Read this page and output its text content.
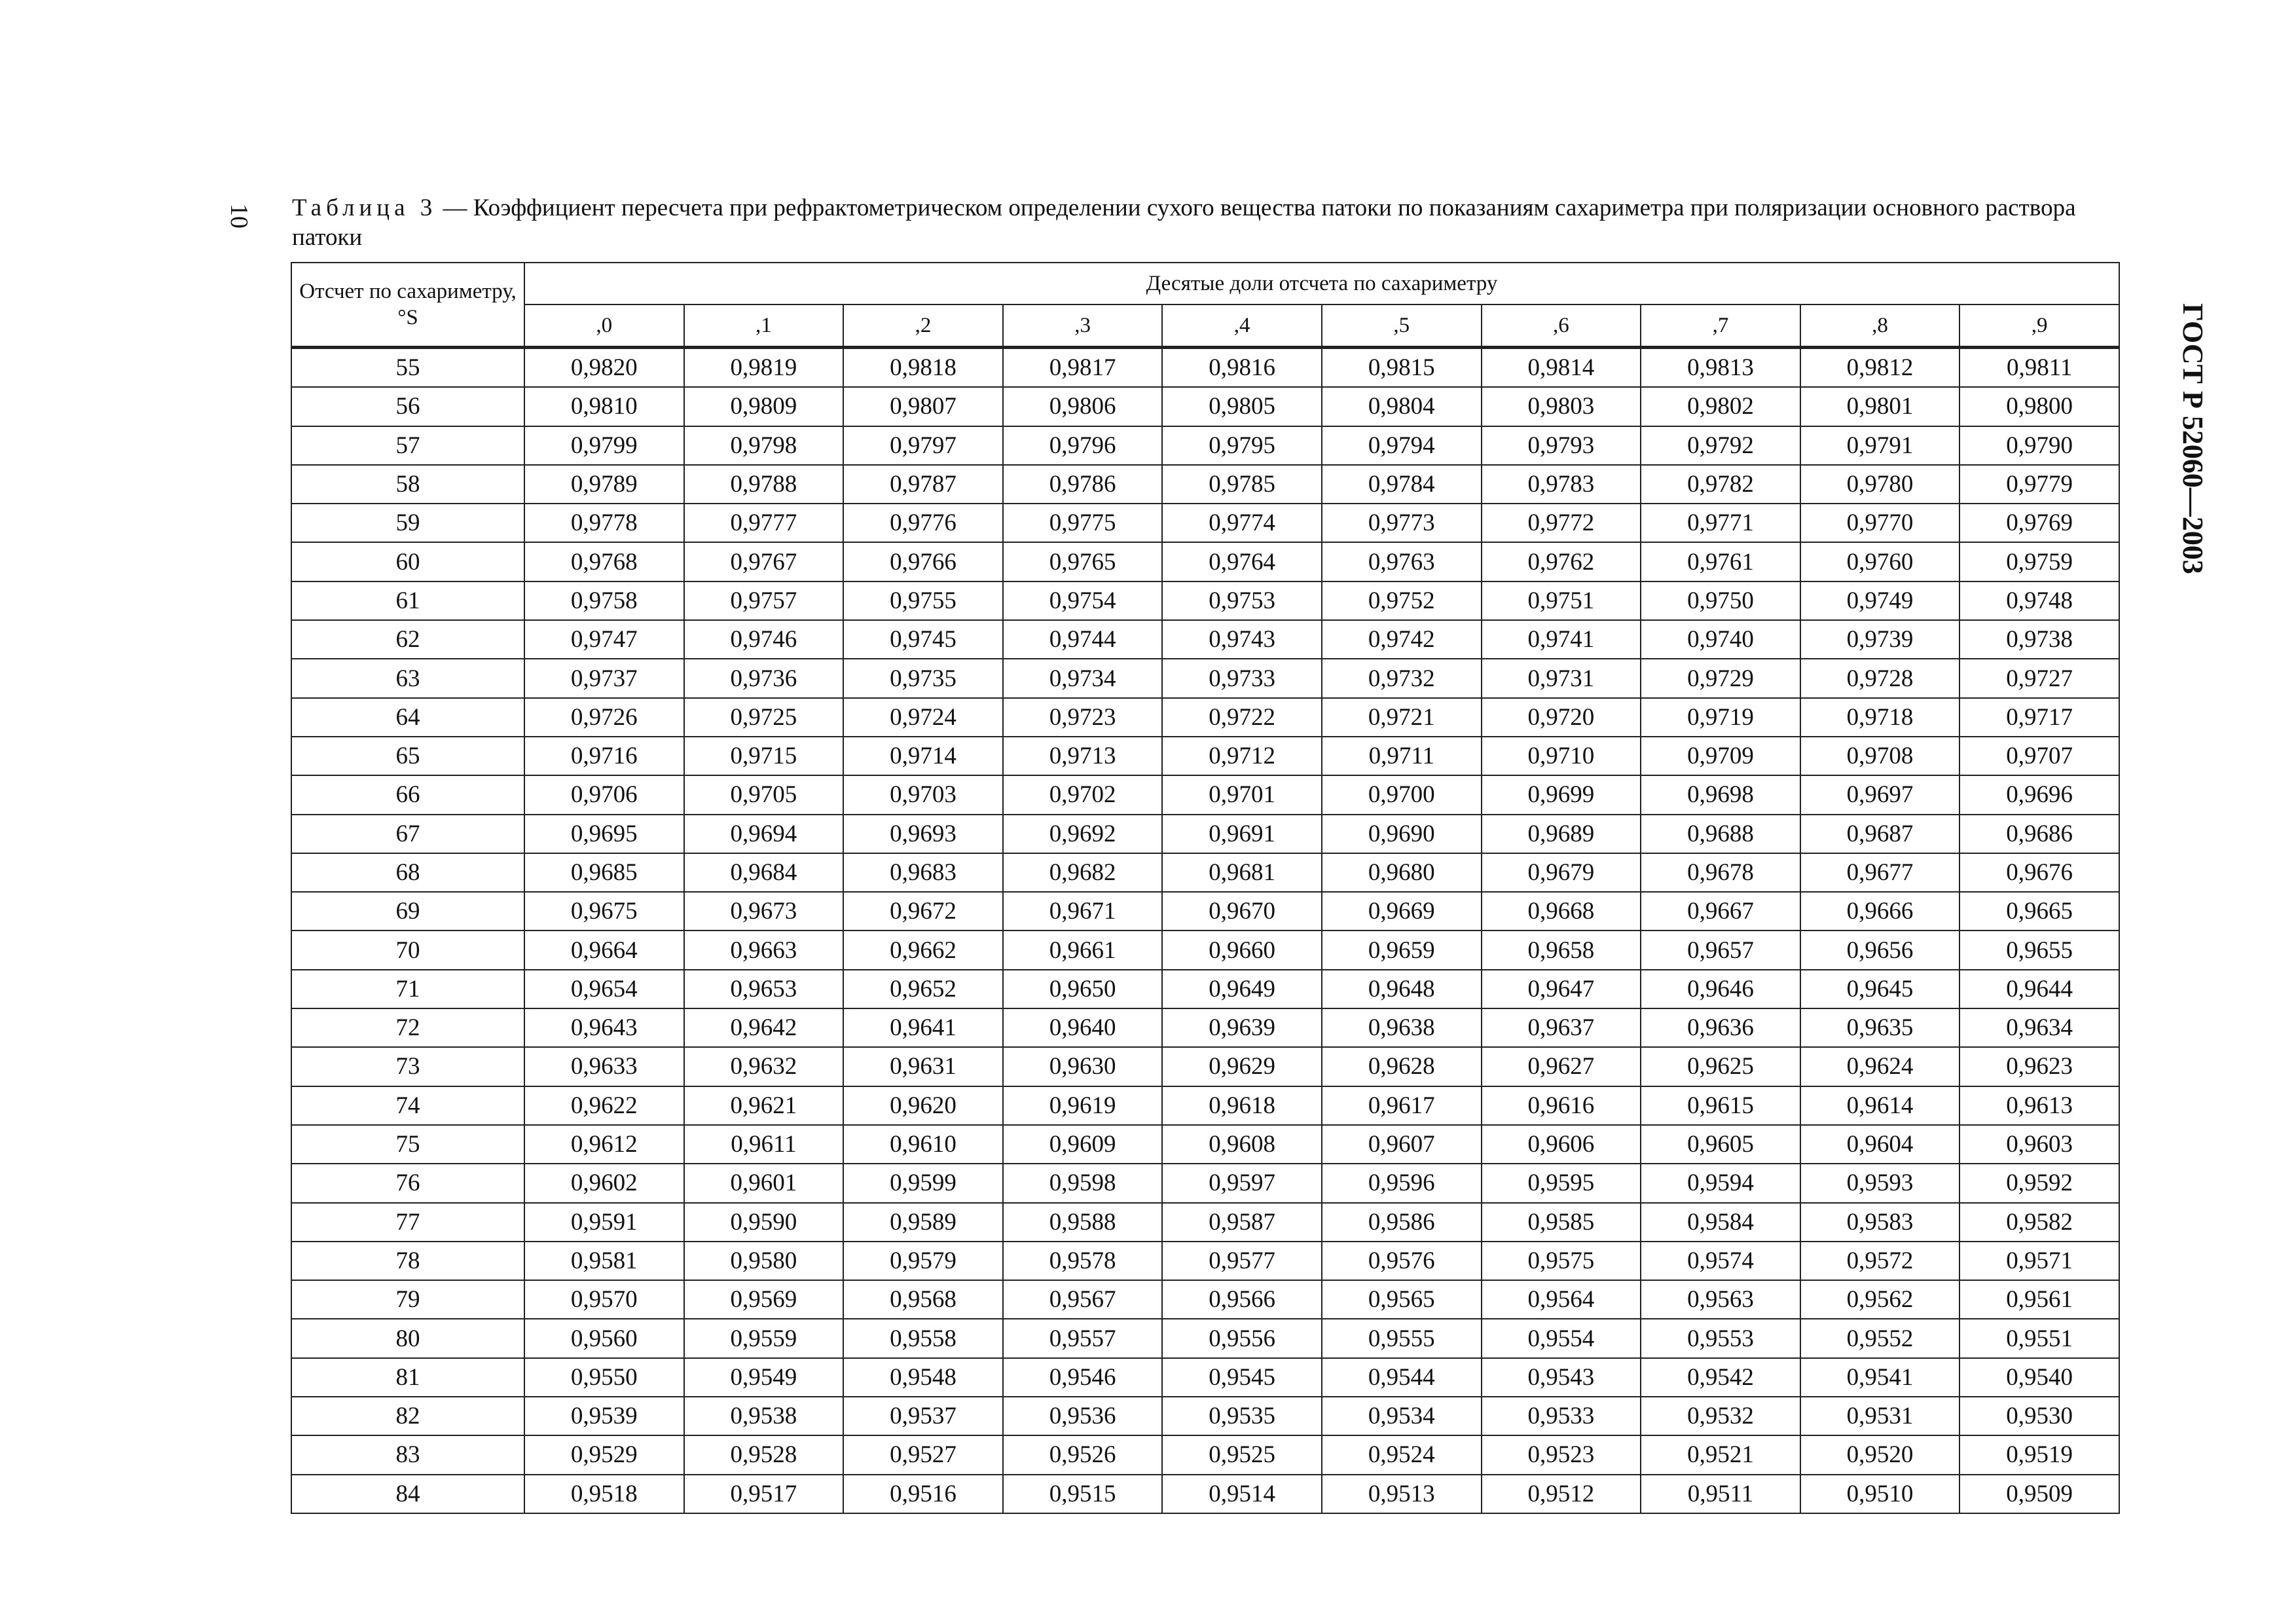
10
ГОСТ Р 52060—2003
Таблица 3 — Коэффициент пересчета при рефрактометрическом определении сухого вещества патоки по показаниям сахариметра при поляризации основного раствора патоки
Отсчет по сахариметру, °S	Десятые доли отсчета по сахариметру									
	,0	,1	,2	,3	,4	,5	,6	,7	,8	,9
55	0,9820	0,9819	0,9818	0,9817	0,9816	0,9815	0,9814	0,9813	0,9812	0,9811
56	0,9810	0,9809	0,9807	0,9806	0,9805	0,9804	0,9803	0,9802	0,9801	0,9800
57	0,9799	0,9798	0,9797	0,9796	0,9795	0,9794	0,9793	0,9792	0,9791	0,9790
58	0,9789	0,9788	0,9787	0,9786	0,9785	0,9784	0,9783	0,9782	0,9780	0,9779
59	0,9778	0,9777	0,9776	0,9775	0,9774	0,9773	0,9772	0,9771	0,9770	0,9769
60	0,9768	0,9767	0,9766	0,9765	0,9764	0,9763	0,9762	0,9761	0,9760	0,9759
61	0,9758	0,9757	0,9755	0,9754	0,9753	0,9752	0,9751	0,9750	0,9749	0,9748
62	0,9747	0,9746	0,9745	0,9744	0,9743	0,9742	0,9741	0,9740	0,9739	0,9738
63	0,9737	0,9736	0,9735	0,9734	0,9733	0,9732	0,9731	0,9729	0,9728	0,9727
64	0,9726	0,9725	0,9724	0,9723	0,9722	0,9721	0,9720	0,9719	0,9718	0,9717
65	0,9716	0,9715	0,9714	0,9713	0,9712	0,9711	0,9710	0,9709	0,9708	0,9707
66	0,9706	0,9705	0,9703	0,9702	0,9701	0,9700	0,9699	0,9698	0,9697	0,9696
67	0,9695	0,9694	0,9693	0,9692	0,9691	0,9690	0,9689	0,9688	0,9687	0,9686
68	0,9685	0,9684	0,9683	0,9682	0,9681	0,9680	0,9679	0,9678	0,9677	0,9676
69	0,9675	0,9673	0,9672	0,9671	0,9670	0,9669	0,9668	0,9667	0,9666	0,9665
70	0,9664	0,9663	0,9662	0,9661	0,9660	0,9659	0,9658	0,9657	0,9656	0,9655
71	0,9654	0,9653	0,9652	0,9650	0,9649	0,9648	0,9647	0,9646	0,9645	0,9644
72	0,9643	0,9642	0,9641	0,9640	0,9639	0,9638	0,9637	0,9636	0,9635	0,9634
73	0,9633	0,9632	0,9631	0,9630	0,9629	0,9628	0,9627	0,9625	0,9624	0,9623
74	0,9622	0,9621	0,9620	0,9619	0,9618	0,9617	0,9616	0,9615	0,9614	0,9613
75	0,9612	0,9611	0,9610	0,9609	0,9608	0,9607	0,9606	0,9605	0,9604	0,9603
76	0,9602	0,9601	0,9599	0,9598	0,9597	0,9596	0,9595	0,9594	0,9593	0,9592
77	0,9591	0,9590	0,9589	0,9588	0,9587	0,9586	0,9585	0,9584	0,9583	0,9582
78	0,9581	0,9580	0,9579	0,9578	0,9577	0,9576	0,9575	0,9574	0,9572	0,9571
79	0,9570	0,9569	0,9568	0,9567	0,9566	0,9565	0,9564	0,9563	0,9562	0,9561
80	0,9560	0,9559	0,9558	0,9557	0,9556	0,9555	0,9554	0,9553	0,9552	0,9551
81	0,9550	0,9549	0,9548	0,9546	0,9545	0,9544	0,9543	0,9542	0,9541	0,9540
82	0,9539	0,9538	0,9537	0,9536	0,9535	0,9534	0,9533	0,9532	0,9531	0,9530
83	0,9529	0,9528	0,9527	0,9526	0,9525	0,9524	0,9523	0,9521	0,9520	0,9519
84	0,9518	0,9517	0,9516	0,9515	0,9514	0,9513	0,9512	0,9511	0,9510	0,9509
